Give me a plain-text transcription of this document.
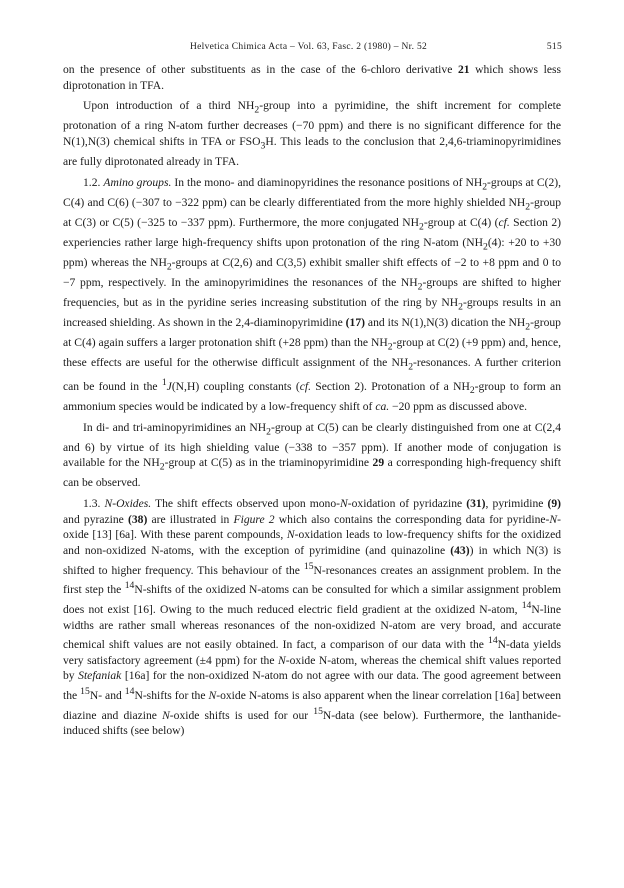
Helvetica Chimica Acta – Vol. 63, Fasc. 2 (1980) – Nr. 52	515

on the presence of other substituents as in the case of the 6-chloro derivative 21 which shows less diprotonation in TFA.

Upon introduction of a third $NH_2$-group into a pyrimidine, the shift increment for complete protonation of a ring N-atom further decreases (−70 ppm) and there is no significant difference for the N(1),N(3) chemical shifts in TFA or $FSO_3H$. This leads to the conclusion that 2,4,6-triaminopyrimidines are fully diprotonated already in TFA.

1.2. Amino groups. In the mono- and diaminopyridines the resonance positions of $NH_2$-groups at C(2), C(4) and C(6) (−307 to −322 ppm) can be clearly differentiated from the more highly shielded $NH_2$-group at C(3) or C(5) (−325 to −337 ppm). Furthermore, the more conjugated $NH_2$-group at C(4) (cf. Section 2) experiencies rather large high-frequency shifts upon protonation of the ring N-atom ($NH_2(4)$: +20 to +30 ppm) whereas the $NH_2$-groups at C(2,6) and C(3,5) exhibit smaller shift effects of −2 to +8 ppm and 0 to −7 ppm, respectively. In the aminopyrimidines the resonances of the $NH_2$-groups are shifted to higher frequencies, but as in the pyridine series increasing substitution of the ring by $NH_2$-groups results in an increased shielding. As shown in the 2,4-diaminopyrimidine (17) and its N(1),N(3) dication the $NH_2$-group at C(4) again suffers a larger protonation shift (+28 ppm) than the $NH_2$-group at C(2) (+9 ppm) and, hence, these effects are useful for the otherwise difficult assignment of the $NH_2$-resonances. A further criterion can be found in the $^1$J(N,H) coupling constants (cf. Section 2). Protonation of a $NH_2$-group to form an ammonium species would be indicated by a low-frequency shift of ca. −20 ppm as discussed above.

In di- and tri-aminopyrimidines an $NH_2$-group at C(5) can be clearly distinguished from one at C(2,4 and 6) by virtue of its high shielding value (−338 to −357 ppm). If another mode of conjugation is available for the $NH_2$-group at C(5) as in the triaminopyrimidine 29 a corresponding high-frequency shift can be observed.

1.3. N-Oxides. The shift effects observed upon mono-N-oxidation of pyridazine (31), pyrimidine (9) and pyrazine (38) are illustrated in Figure 2 which also contains the corresponding data for pyridine-N-oxide [13] [6a]. With these parent compounds, N-oxidation leads to low-frequency shifts for the oxidized and non-oxidized N-atoms, with the exception of pyrimidine (and quinazoline (43)) in which N(3) is shifted to higher frequency. This behaviour of the $^{15}$N-resonances creates an assignment problem. In the first step the $^{14}$N-shifts of the oxidized N-atoms can be consulted for which a similar assignment problem does not exist [16]. Owing to the much reduced electric field gradient at the oxidized N-atom, $^{14}$N-line widths are rather small whereas resonances of the non-oxidized N-atom are very broad, and accurate chemical shift values are not easily obtained. In fact, a comparison of our data with the $^{14}$N-data yields very satisfactory agreement (±4 ppm) for the N-oxide N-atom, whereas the chemical shift values reported by Stefaniak [16a] for the non-oxidized N-atom do not agree with our data. The good agreement between the $^{15}$N- and $^{14}$N-shifts for the N-oxide N-atoms is also apparent when the linear correlation [16a] between diazine and diazine N-oxide shifts is used for our $^{15}$N-data (see below). Furthermore, the lanthanide-induced shifts (see below)
